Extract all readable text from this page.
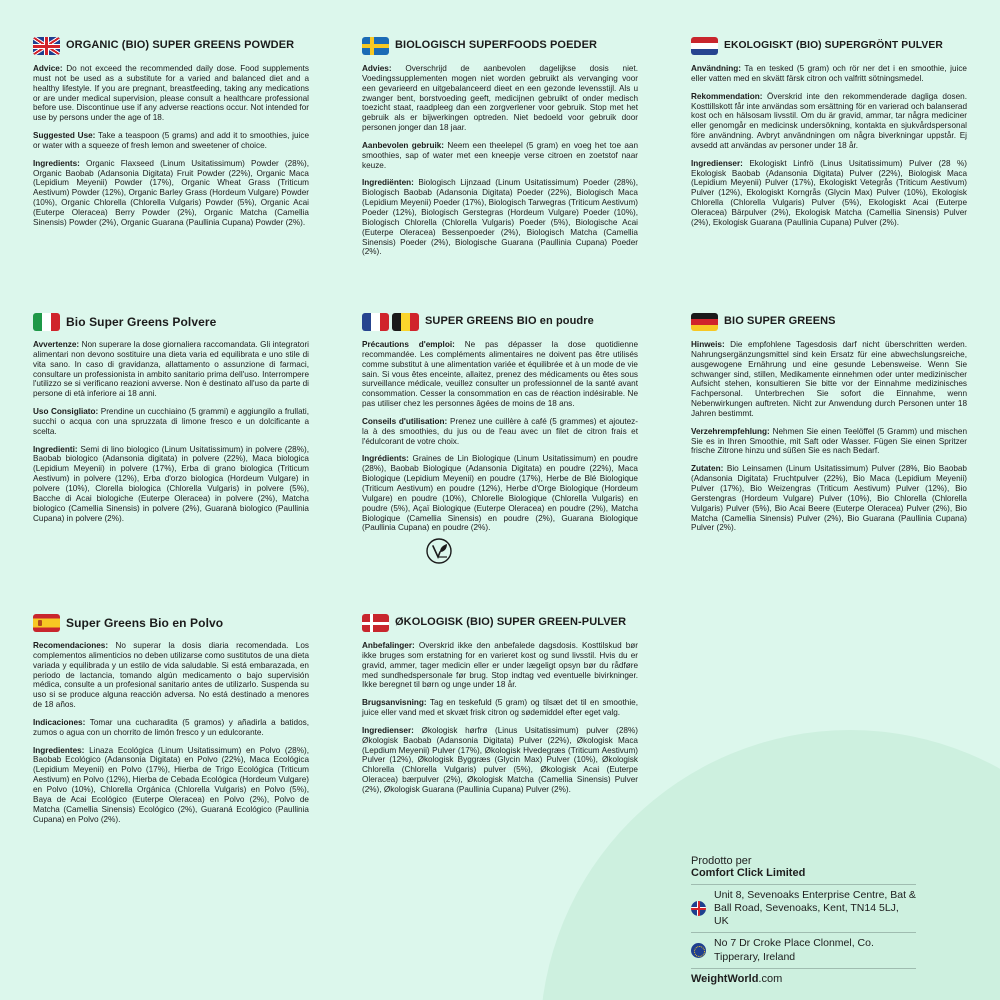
ORGANIC (BIO) SUPER GREENS POWDER

Advice: Do not exceed the recommended daily dose. Food supplements must not be used as a substitute for a varied and balanced diet and a healthy lifestyle. If you are pregnant, breastfeeding, taking any medications or are under medical supervision, please consult a healthcare professional before use. Discontinue use if any adverse reactions occur. Not intended for use by persons under the age of 18.

Suggested Use: Take a teaspoon (5 grams) and add it to smoothies, juice or water with a squeeze of fresh lemon and sweetener of choice.

Ingredients: Organic Flaxseed (Linum Usitatissimum) Powder (28%), Organic Baobab (Adansonia Digitata) Fruit Powder (22%), Organic Maca (Lepidium Meyenii) Powder (17%), Organic Wheat Grass (Triticum Aestivum) Powder (12%), Organic Barley Grass (Hordeum Vulgare) Powder (10%), Organic Chlorella (Chlorella Vulgaris) Powder (5%), Organic Acai (Euterpe Oleracea) Berry Powder (2%), Organic Matcha (Camellia Sinensis) Powder (2%), Organic Guarana (Paullinia Cupana) Powder (2%).

BIOLOGISCH SUPERFOODS POEDER

Advies: Overschrijd de aanbevolen dagelijkse dosis niet. Voedingssupplementen mogen niet worden gebruikt als vervanging voor een gevarieerd en uitgebalanceerd dieet en een gezonde levensstijl. Als u zwanger bent, borstvoeding geeft, medicijnen gebruikt of onder medisch toezicht staat, raadpleeg dan een zorgverlener voor gebruik. Stop met het gebruik als er bijwerkingen optreden. Niet bedoeld voor gebruik door personen jonger dan 18 jaar.

Aanbevolen gebruik: Neem een theelepel (5 gram) en voeg het toe aan smoothies, sap of water met een kneepje verse citroen en zoetstof naar keuze.

Ingrediënten: Biologisch Lijnzaad (Linum Usitatissimum) Poeder (28%), Biologisch Baobab (Adansonia Digitata) Poeder (22%), Biologisch Maca (Lepidium Meyenii) Poeder (17%), Biologisch Tarwegras (Triticum Aestivum) Poeder (12%), Biologisch Gerstegras (Hordeum Vulgare) Poeder (10%), Biologisch Chlorella (Chlorella Vulgaris) Poeder (5%), Biologische Acai (Euterpe Oleracea) Bessenpoeder (2%), Biologisch Matcha (Camellia Sinensis) Poeder (2%), Biologische Guarana (Paullinia Cupana) Poeder (2%).

EKOLOGISKT (BIO) SUPERGRÖNT PULVER

Användning: Ta en tesked (5 gram) och rör ner det i en smoothie, juice eller vatten med en skvätt färsk citron och valfritt sötningsmedel.

Rekommendation: Överskrid inte den rekommenderade dagliga dosen. Kosttillskott får inte användas som ersättning för en varierad och balanserad kost och en hälsosam livsstil. Om du är gravid, ammar, tar några mediciner eller genomgår en medicinsk undersökning, kontakta en sjukvårdspersonal före användning. Avbryt användningen om några biverkningar uppstår. Ej avsedd att användas av personer under 18 år.

Ingredienser: Ekologiskt Linfrö (Linus Usitatissimum) Pulver (28 %) Ekologisk Baobab (Adansonia Digitata) Pulver (22%), Biologisk Maca (Lepidium Meyenii) Pulver (17%), Ekologiskt Vetegrås (Triticum Aestivum) Pulver (12%), Ekologiskt Korngrås (Glycin Max) Pulver (10%), Ekologisk Chlorella (Chlorella Vulgaris) Pulver (5%), Ekologiskt Acai (Euterpe Oleracea) Bärpulver (2%), Ekologisk Matcha (Camellia Sinensis) Pulver (2%), Ekologisk Guarana (Paullinia Cupana) Pulver (2%).

Bio Super Greens Polvere

Avvertenze: Non superare la dose giornaliera raccomandata. Gli integratori alimentari non devono sostituire una dieta varia ed equilibrata e uno stile di vita sano. In caso di gravidanza, allattamento o assunzione di farmaci, consultare un professionista in ambito sanitario prima dell'uso. Interrompere l'utilizzo se si verificano reazioni avverse. Non è destinato all'uso da parte di persone di età inferiore ai 18 anni.

Uso Consigliato: Prendine un cucchiaino (5 grammi) e aggiungilo a frullati, succhi o acqua con una spruzzata di limone fresco e un dolcificante a scelta.

Ingredienti: Semi di lino biologico (Linum Usitatissimum) in polvere (28%), Baobab biologico (Adansonia digitata) in polvere (22%), Maca biologica (Lepidium Meyenii) in polvere (17%), Erba di grano biologica (Triticum Aestivum) in polvere (12%), Erba d'orzo biologica (Hordeum Vulgare) in polvere (10%), Clorella biologica (Chlorella Vulgaris) in polvere (5%), Bacche di Acai biologiche (Euterpe Oleracea) in polvere (2%), Matcha biologico (Camellia Sinensis) in polvere (2%), Guaranà biologico (Paullinia Cupana) in polvere (2%).

SUPER GREENS BIO en poudre

Précautions d'emploi: Ne pas dépasser la dose quotidienne recommandée. Les compléments alimentaires ne doivent pas être utilisés comme substitut à une alimentation variée et équilibrée et à un mode de vie sain. Si vous êtes enceinte, allaitez, prenez des médicaments ou êtes sous surveillance médicale, veuillez consulter un professionnel de la santé avant consommation. Cesser la consommation en cas de réaction indésirable. Ne pas utiliser chez les personnes âgées de moins de 18 ans.

Conseils d'utilisation: Prenez une cuillère à café (5 grammes) et ajoutez-la à des smoothies, du jus ou de l'eau avec un filet de citron frais et l'édulcorant de votre choix.

Ingrédients: Graines de Lin Biologique (Linum Usitatissimum) en poudre (28%), Baobab Biologique (Adansonia Digitata) en poudre (22%), Maca Biologique (Lepidium Meyenii) en poudre (17%), Herbe de Blé Biologique (Triticum Aestivum) en poudre (12%), Herbe d'Orge Biologique (Hordeum Vulgare) en poudre (10%), Chlorelle Biologique (Chlorella Vulgaris) en poudre (5%), Açaï Biologique (Euterpe Oleracea) en poudre (2%), Matcha Biologique (Camellia Sinensis) en poudre (2%), Guarana Biologique (Paullinia Cupana) en poudre (2%).

BIO SUPER GREENS

Hinweis: Die empfohlene Tagesdosis darf nicht überschritten werden. Nahrungsergänzungsmittel sind kein Ersatz für eine abwechslungsreiche, ausgewogene Ernährung und eine gesunde Lebensweise. Wenn Sie schwanger sind, stillen, Medikamente einnehmen oder unter medizinischer Aufsicht stehen, konsultieren Sie bitte vor der Einnahme medizinisches Fachpersonal. Unterbrechen Sie sofort die Einnahme, wenn Nebenwirkungen auftreten. Nicht zur Anwendung durch Personen unter 18 Jahren bestimmt.

Verzehrempfehlung: Nehmen Sie einen Teelöffel (5 Gramm) und mischen Sie es in Ihren Smoothie, mit Saft oder Wasser. Fügen Sie einen Spritzer frische Zitrone hinzu und süßen Sie es nach Bedarf.

Zutaten: Bio Leinsamen (Linum Usitatissimum) Pulver (28%, Bio Baobab (Adansonia Digitata) Fruchtpulver (22%), Bio Maca (Lepidium Meyenii) Pulver (17%), Bio Weizengras (Triticum Aestivum) Pulver (12%), Bio Gerstengras (Hordeum Vulgare) Pulver (10%), Bio Chlorella (Chlorella Vulgaris) Pulver (5%), Bio Acai Beere (Euterpe Oleracea) Pulver (2%), Bio Matcha (Camellia Sinensis) Pulver (2%), Bio Guarana (Paullinia Cupana) Pulver (2%).

Super Greens Bio en Polvo

Recomendaciones: No superar la dosis diaria recomendada. Los complementos alimenticios no deben utilizarse como sustitutos de una dieta variada y equilibrada y un estilo de vida saludable. Si está embarazada, en periodo de lactancia, tomando algún medicamento o bajo supervisión médica, consulte a un profesional sanitario antes de utilizarlo. Suspenda su uso si se produce alguna reacción adversa. No está destinado a menores de 18 años.

Indicaciones: Tomar una cucharadita (5 gramos) y añadirla a batidos, zumos o agua con un chorrito de limón fresco y un edulcorante.

Ingredientes: Linaza Ecológica (Linum Usitatissimum) en Polvo (28%), Baobab Ecológico (Adansonia Digitata) en Polvo (22%), Maca Ecológica (Lepidium Meyenii) en Polvo (17%), Hierba de Trigo Ecológica (Triticum Aestivum) en Polvo (12%), Hierba de Cebada Ecológica (Hordeum Vulgare) en Polvo (10%), Chlorella Orgánica (Chlorella Vulgaris) en Polvo (5%), Baya de Acai Ecológico (Euterpe Oleracea) en Polvo (2%), Polvo de Matcha (Camellia Sinensis) Ecológico (2%), Guaraná Ecológico (Paullinia Cupana) en Polvo (2%).

ØKOLOGISK (BIO) SUPER GREEN-PULVER

Anbefalinger: Overskrid ikke den anbefalede dagsdosis. Kosttilskud bør ikke bruges som erstatning for en varieret kost og sund livsstil. Hvis du er gravid, ammer, tager medicin eller er under lægeligt opsyn bør du rådføre med sundhedspersonale før brug. Stop indtag ved eventuelle bivirkninger. Ikke beregnet til børn og unge under 18 år.

Brugsanvisning: Tag en teskefuld (5 gram) og tilsæt det til en smoothie, juice eller vand med et skvæt frisk citron og sødemiddel efter eget valg.

Ingredienser: Økologisk hørfrø (Linus Usitatissimum) pulver (28%) Økologisk Baobab (Adansonia Digitata) Pulver (22%), Økologisk Maca (Lepdium Meyenii) Pulver (17%), Økologisk Hvedegræs (Triticum Aestivum) Pulver (12%), Økologisk Byggræs (Glycin Max) Pulver (10%), Økologisk Chlorella (Chlorella Vulgaris) pulver (5%), Økologisk Acai (Euterpe Oleracea) bærpulver (2%), Økologisk Matcha (Camellia Sinensis) Pulver (2%), Økologisk Guarana (Paullinia Cupana) Pulver (2%).

Prodotto per
Comfort Click Limited
Unit 8, Sevenoaks Enterprise Centre, Bat & Ball Road, Sevenoaks, Kent, TN14 5LJ, UK
No 7 Dr Croke Place Clonmel, Co. Tipperary, Ireland
WeightWorld.com
